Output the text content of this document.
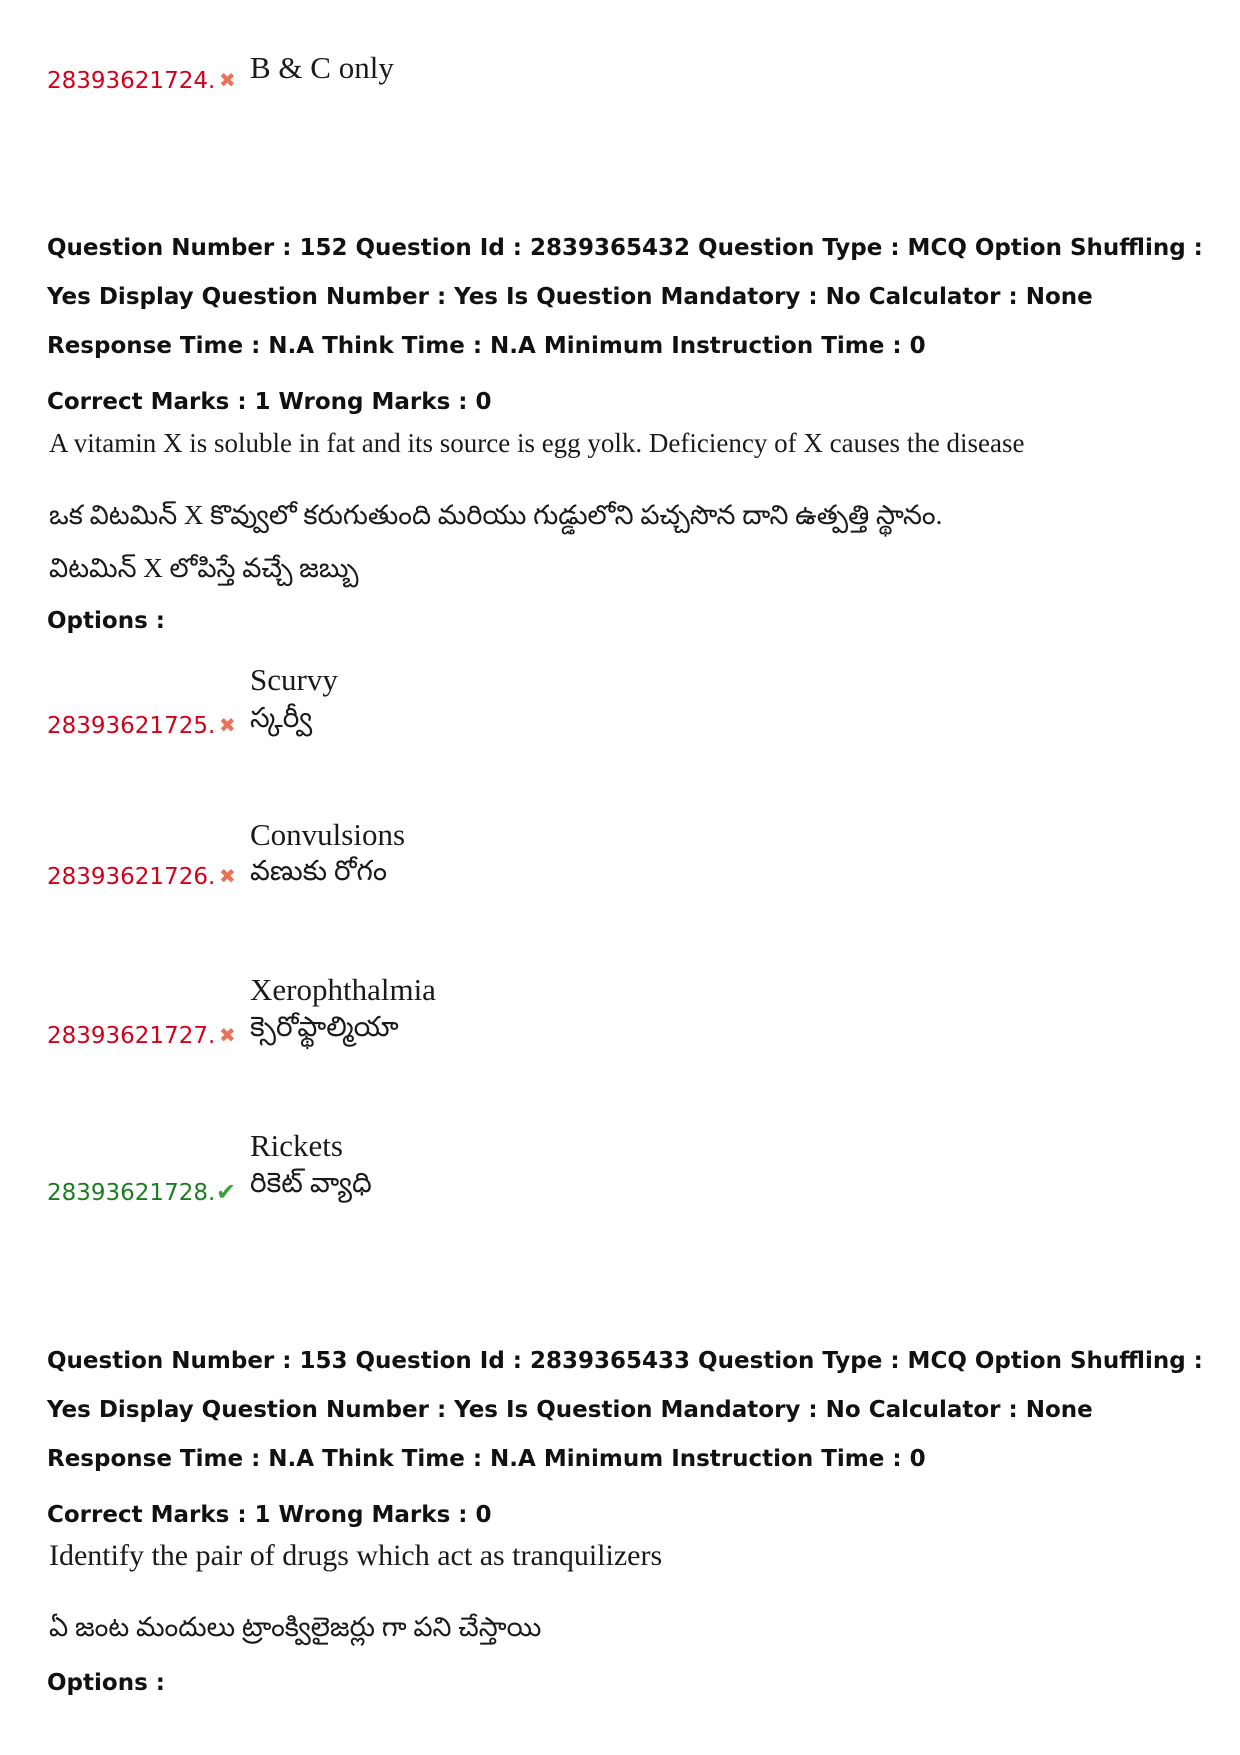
28393621724. ✖ B & C only
Question Number : 152 Question Id : 2839365432 Question Type : MCQ Option Shuffling : Yes Display Question Number : Yes Is Question Mandatory : No Calculator : None Response Time : N.A Think Time : N.A Minimum Instruction Time : 0
Correct Marks : 1 Wrong Marks : 0
A vitamin X is soluble in fat and its source is egg yolk. Deficiency of X causes the disease
ఒక విటమిన్ X కొవ్వులో కరుగుతుంది మరియు గుడ్డులోని పచ్చసొన దాని ఉత్పత్తి స్థానం.
విటమిన్ X లోపిస్తే వచ్చే జబ్బు
Options :
Scurvy
స్కర్వీ
28393621725. ✖
Convulsions
వణుకు రోగం
28393621726. ✖
Xerophthalmia
క్సెరోఫ్థాల్మియా
28393621727. ✖
Rickets
రికెట్ వ్యాధి
28393621728. ✔
Question Number : 153 Question Id : 2839365433 Question Type : MCQ Option Shuffling : Yes Display Question Number : Yes Is Question Mandatory : No Calculator : None Response Time : N.A Think Time : N.A Minimum Instruction Time : 0
Correct Marks : 1 Wrong Marks : 0
Identify the pair of drugs which act as tranquilizers
ఏ జంట మందులు ట్రాంక్విలైజర్లు గా పని చేస్తాయి
Options :
